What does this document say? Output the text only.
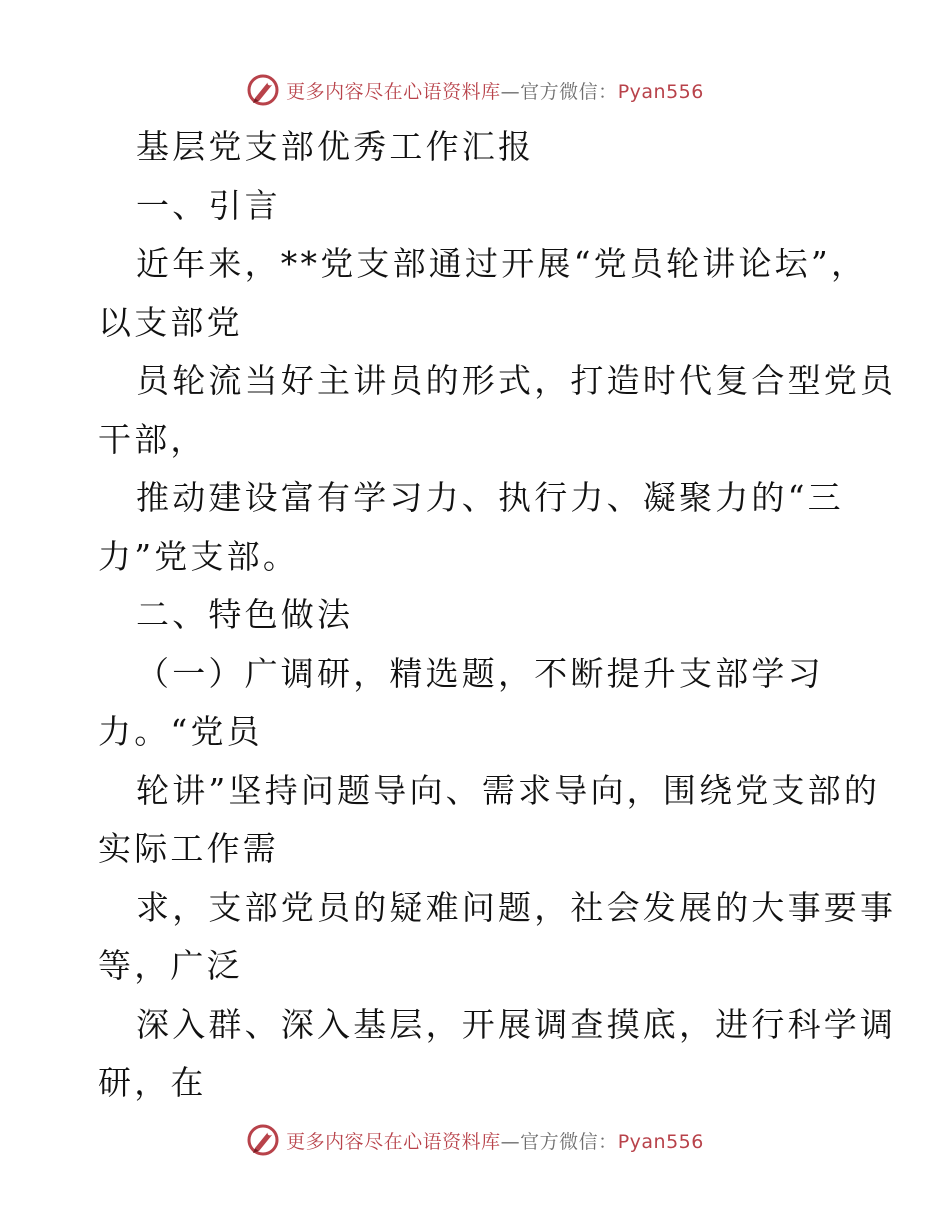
更多内容尽在心语资料库—官方微信：Pyan556
基层党支部优秀工作汇报
一、引言
近年来，**党支部通过开展“党员轮讲论坛”，
以支部党
员轮流当好主讲员的形式，打造时代复合型党员
干部，
推动建设富有学习力、执行力、凝聚力的“三
力”党支部。
二、特色做法
（一）广调研，精选题，不断提升支部学习
力。“党员
轮讲”坚持问题导向、需求导向，围绕党支部的
实际工作需
求，支部党员的疑难问题，社会发展的大事要事
等，广泛
深入群、深入基层，开展调查摸底，进行科学调
研，在
更多内容尽在心语资料库—官方微信：Pyan556
